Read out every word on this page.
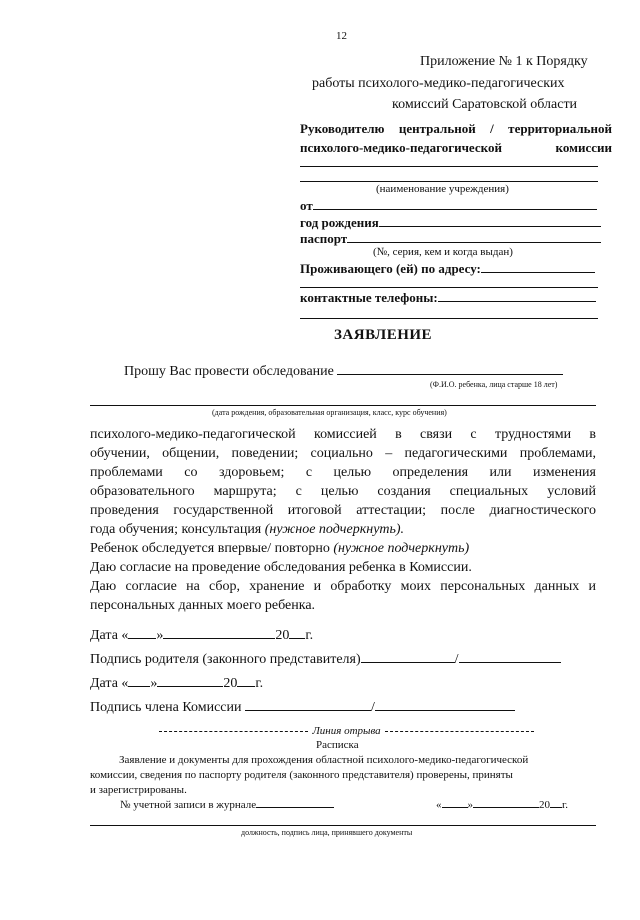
12
Приложение № 1 к Порядку
работы психолого-медико-педагогических
комиссий Саратовской области
Руководителю центральной / территориальной
психолого-медико-педагогической комиссии
(наименование учреждения)
от
год рождения
паспорт
(№, серия, кем и когда выдан)
Проживающего (ей) по адресу:
контактные телефоны:
ЗАЯВЛЕНИЕ
Прошу Вас провести обследование
(Ф.И.О. ребенка, лица старше 18 лет)
(дата рождения, образовательная организация, класс, курс обучения)
психолого-медико-педагогической комиссией в связи с трудностями в
обучении, общении, поведении; социально – педагогическими проблемами,
проблемами со здоровьем; с целью определения или изменения
образовательного маршрута; с целью создания специальных условий
проведения государственной итоговой аттестации; после диагностического
года обучения; консультация (нужное подчеркнуть).
Ребенок обследуется впервые/ повторно (нужное подчеркнуть)
Даю согласие на проведение обследования ребенка в Комиссии.
Даю согласие на сбор, хранение и обработку моих персональных данных и
персональных данных моего ребенка.
Дата « »	20 г.
Подпись родителя (законного представителя)	/
Дата « »	20 г.
Подпись члена Комиссии	/
Линия отрыва
Расписка
Заявление и документы для прохождения областной психолого-медико-педагогической
комиссии, сведения по паспорту родителя (законного представителя) проверены, приняты
и зарегистрированы.
№ учетной записи в журнале	« »	20 г.
должность, подпись лица, принявшего документы
